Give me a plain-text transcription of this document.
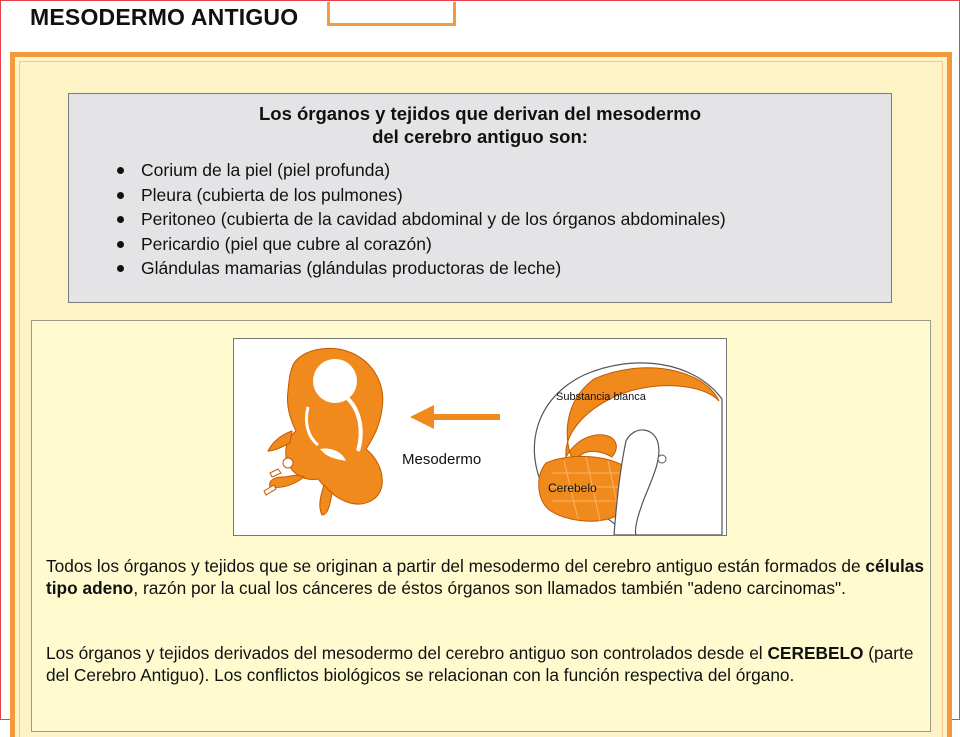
MESODERMO ANTIGUO
Los órganos y tejidos que derivan del mesodermo
del cerebro antiguo son:
Corium de la piel (piel profunda)
Pleura (cubierta de los pulmones)
Peritoneo (cubierta de la cavidad abdominal y de los órganos abdominales)
Pericardio (piel que cubre al corazón)
Glándulas mamarias (glándulas productoras de leche)
Mesodermo
Substancia blanca
Cerebelo
Todos los órganos y tejidos que se originan a partir del mesodermo del cerebro antiguo están formados de células tipo adeno, razón por la cual los cánceres de éstos órganos son llamados también "adeno carcinomas".
Los órganos y tejidos derivados del mesodermo del cerebro antiguo son controlados desde el CEREBELO (parte del Cerebro Antiguo). Los conflictos biológicos se relacionan con la función respectiva del órgano.
